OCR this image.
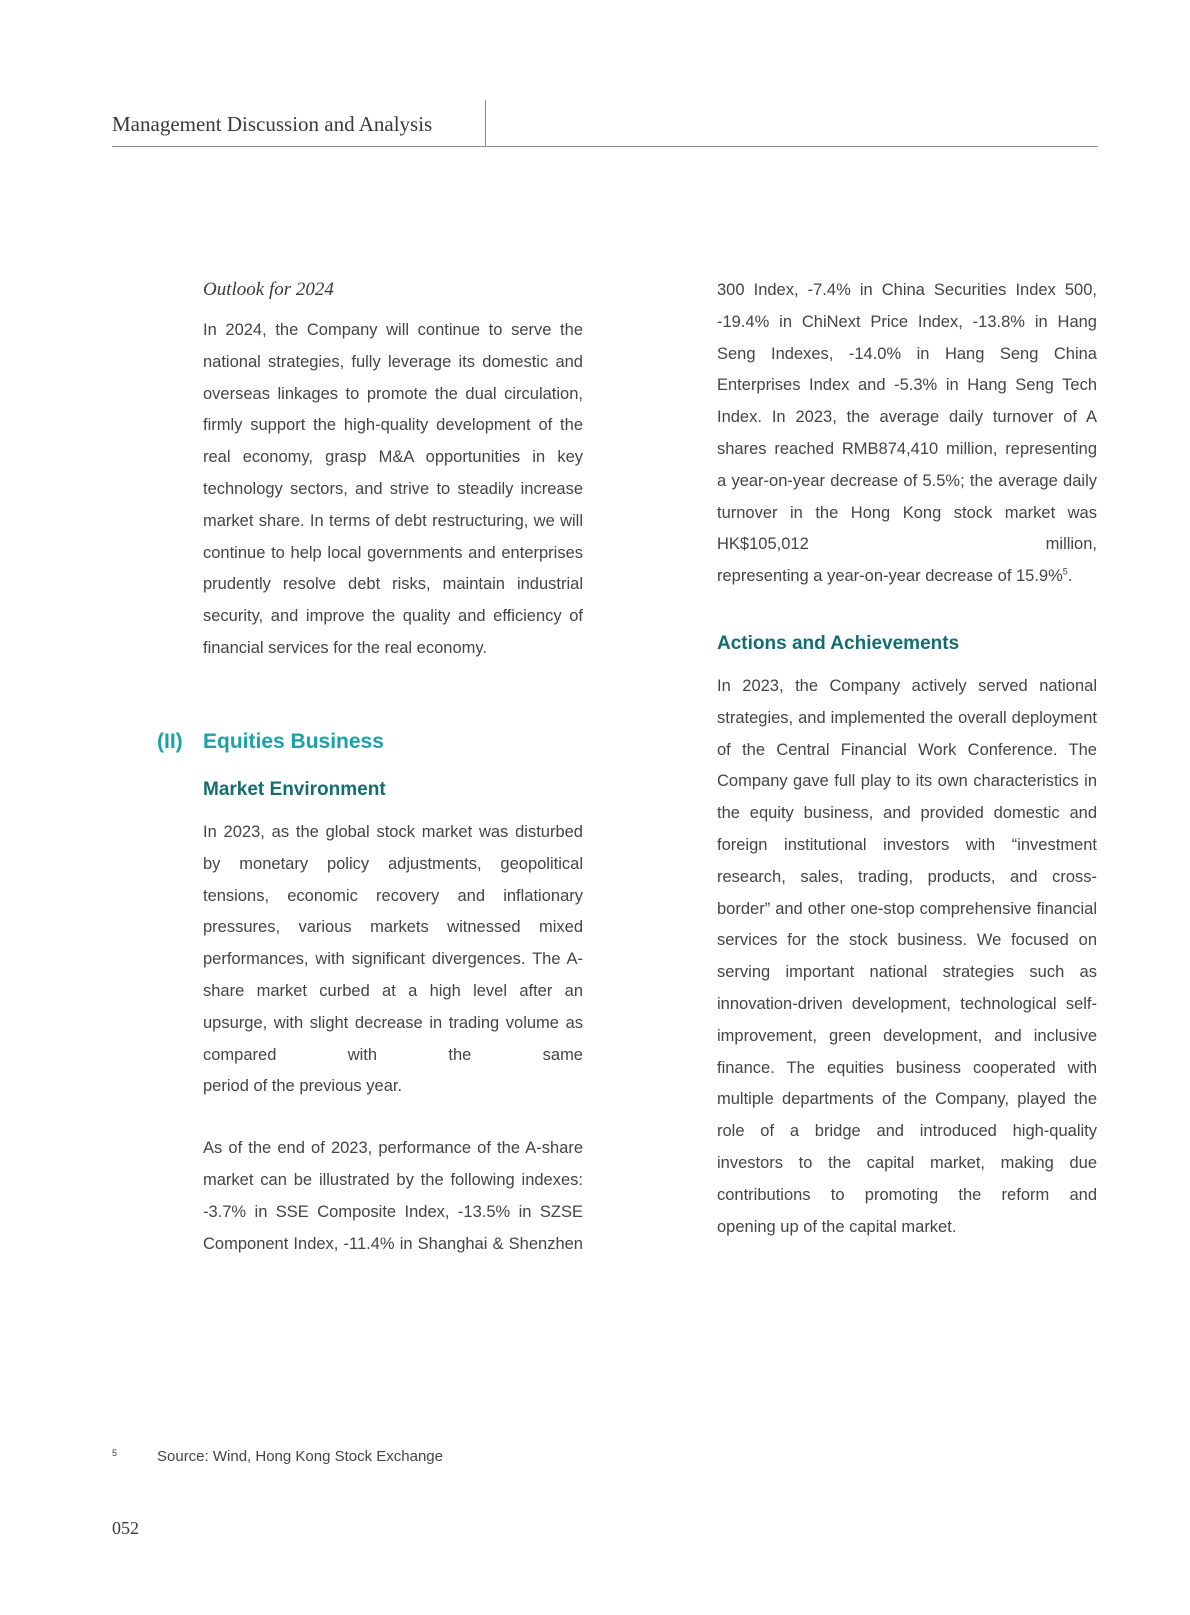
Management Discussion and Analysis
Outlook for 2024

In 2024, the Company will continue to serve the national strategies, fully leverage its domestic and overseas linkages to promote the dual circulation, firmly support the high-quality development of the real economy, grasp M&A opportunities in key technology sectors, and strive to steadily increase market share. In terms of debt restructuring, we will continue to help local governments and enterprises prudently resolve debt risks, maintain industrial security, and improve the quality and efficiency of
financial services for the real economy.

(II) Equities Business
Market Environment

In 2023, as the global stock market was disturbed by monetary policy adjustments, geopolitical tensions, economic recovery and inflationary pressures, various markets witnessed mixed performances, with significant divergences. The A-share market curbed at a high level after an upsurge, with slight decrease in trading volume as compared with the same
period of the previous year.

As of the end of 2023, performance of the A-share market can be illustrated by the following indexes: -3.7% in SSE Composite Index, -13.5% in SZSE Component Index, -11.4% in Shanghai & Shenzhen

300 Index, -7.4% in China Securities Index 500, -19.4% in ChiNext Price Index, -13.8% in Hang Seng Indexes, -14.0% in Hang Seng China Enterprises Index and -5.3% in Hang Seng Tech Index. In 2023, the average daily turnover of A shares reached RMB874,410 million, representing a year-on-year decrease of 5.5%; the average daily turnover in the Hong Kong stock market was HK$105,012 million,
representing a year-on-year decrease of 15.9%$^5$.

Actions and Achievements

In 2023, the Company actively served national strategies, and implemented the overall deployment of the Central Financial Work Conference. The Company gave full play to its own characteristics in the equity business, and provided domestic and foreign institutional investors with “investment research, sales, trading, products, and cross-border” and other one-stop comprehensive financial services for the stock business. We focused on serving important national strategies such as innovation-driven development, technological self-improvement, green development, and inclusive finance. The equities business cooperated with multiple departments of the Company, played the role of a bridge and introduced high-quality investors to the capital market, making due contributions to promoting the reform and
opening up of the capital market.

5	Source: Wind, Hong Kong Stock Exchange
052
